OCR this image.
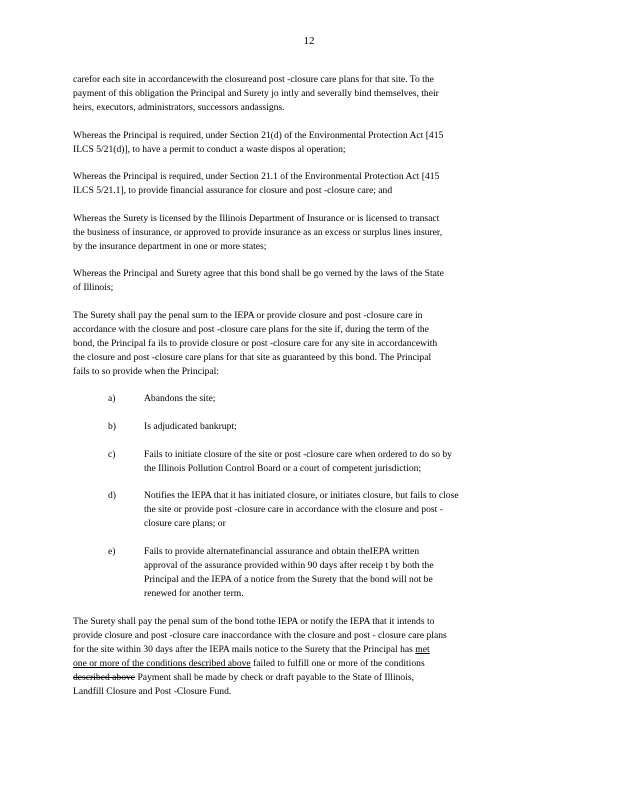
12
carefor each site in accordancewith the closureand post -closure care plans for that site. To the
payment of this obligation the Principal and Surety jo intly and severally bind themselves, their
heirs, executors, administrators, successors andassigns.
Whereas the Principal is required, under Section 21(d) of the Environmental Protection Act [415
ILCS 5/21(d)], to have a permit to conduct a waste dispos al operation;
Whereas the Principal is required, under Section 21.1 of the Environmental Protection Act [415
ILCS 5/21.1], to provide financial assurance for closure and post -closure care; and
Whereas the Surety is licensed by the Illinois Department of Insurance or is licensed to transact
the business of insurance, or approved to provide insurance as an excess or surplus lines insurer,
by the insurance department in one or more states;
Whereas the Principal and Surety agree that this bond shall be go verned by the laws of the State
of Illinois;
The Surety shall pay the penal sum to the IEPA or provide closure and post -closure care in
accordance with the closure and post -closure care plans for the site if, during the term of the
bond, the Principal fa ils to provide closure or post -closure care for any site in accordancewith
the closure and post -closure care plans for that site as guaranteed by this bond. The Principal
fails to so provide when the Principal:
a)	Abandons the site;
b)	Is adjudicated bankrupt;
c)	Fails to initiate closure of the site or post -closure care when ordered to do so by
the Illinois Pollution Control Board or a court of competent jurisdiction;
d)	Notifies the IEPA that it has initiated closure, or initiates closure, but fails to close
the site or provide post -closure care in accordance with the closure and post -
closure care plans; or
e)	Fails to provide alternatefinancial assurance and obtain theIEPA written
approval of the assurance provided within 90 days after receip t by both the
Principal and the IEPA of a notice from the Surety that the bond will not be
renewed for another term.
The Surety shall pay the penal sum of the bond tothe IEPA or notify the IEPA that it intends to
provide closure and post -closure care inaccordance with the closure and post - closure care plans
for the site within 30 days after the IEPA mails notice to the Surety that the Principal has met
one or more of the conditions described above failed to fulfill one or more of the conditions
described above Payment shall be made by check or draft payable to the State of Illinois,
Landfill Closure and Post -Closure Fund.
